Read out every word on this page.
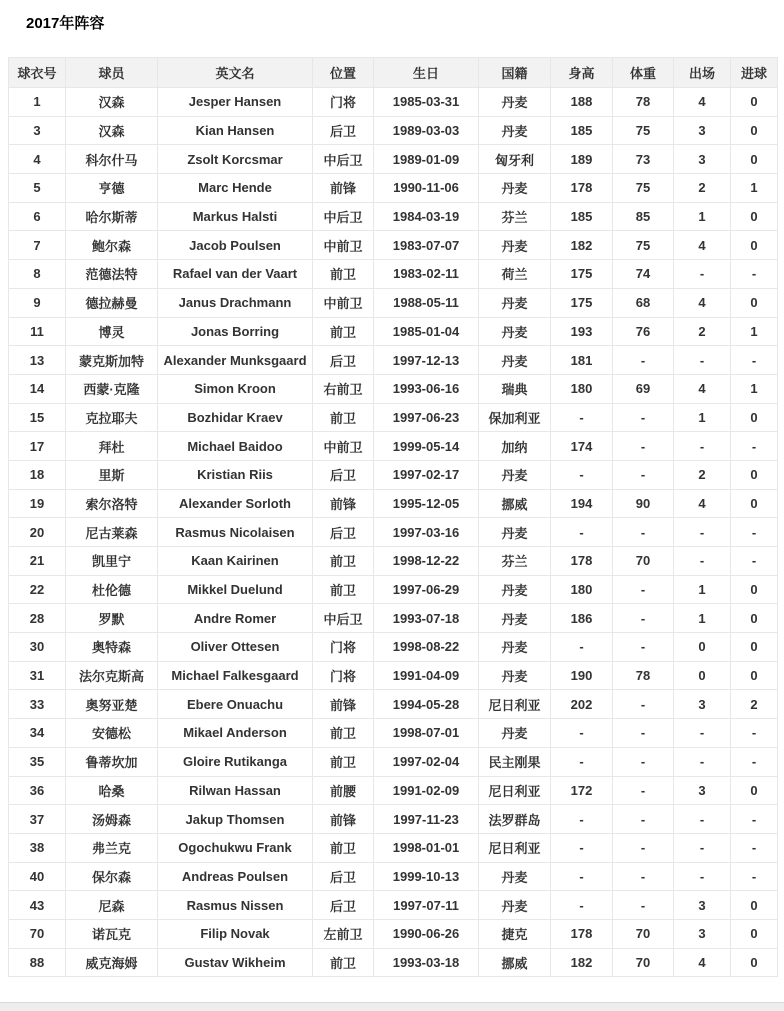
2017年阵容
球衣号	球员	英文名	位置	生日	国籍	身高	体重	出场	进球
1	汉森	Jesper Hansen	门将	1985-03-31	丹麦	188	78	4	0
3	汉森	Kian Hansen	后卫	1989-03-03	丹麦	185	75	3	0
4	科尔什马	Zsolt Korcsmar	中后卫	1989-01-09	匈牙利	189	73	3	0
5	亨德	Marc Hende	前锋	1990-11-06	丹麦	178	75	2	1
6	哈尔斯蒂	Markus Halsti	中后卫	1984-03-19	芬兰	185	85	1	0
7	鲍尔森	Jacob Poulsen	中前卫	1983-07-07	丹麦	182	75	4	0
8	范德法特	Rafael van der Vaart	前卫	1983-02-11	荷兰	175	74	-	-
9	德拉赫曼	Janus Drachmann	中前卫	1988-05-11	丹麦	175	68	4	0
11	博灵	Jonas Borring	前卫	1985-01-04	丹麦	193	76	2	1
13	蒙克斯加特	Alexander Munksgaard	后卫	1997-12-13	丹麦	181	-	-	-
14	西蒙·克隆	Simon Kroon	右前卫	1993-06-16	瑞典	180	69	4	1
15	克拉耶夫	Bozhidar Kraev	前卫	1997-06-23	保加利亚	-	-	1	0
17	拜杜	Michael Baidoo	中前卫	1999-05-14	加纳	174	-	-	-
18	里斯	Kristian Riis	后卫	1997-02-17	丹麦	-	-	2	0
19	索尔洛特	Alexander Sorloth	前锋	1995-12-05	挪威	194	90	4	0
20	尼古莱森	Rasmus Nicolaisen	后卫	1997-03-16	丹麦	-	-	-	-
21	凯里宁	Kaan Kairinen	前卫	1998-12-22	芬兰	178	70	-	-
22	杜伦德	Mikkel Duelund	前卫	1997-06-29	丹麦	180	-	1	0
28	罗默	Andre Romer	中后卫	1993-07-18	丹麦	186	-	1	0
30	奥特森	Oliver Ottesen	门将	1998-08-22	丹麦	-	-	0	0
31	法尔克斯高	Michael Falkesgaard	门将	1991-04-09	丹麦	190	78	0	0
33	奥努亚楚	Ebere Onuachu	前锋	1994-05-28	尼日利亚	202	-	3	2
34	安德松	Mikael Anderson	前卫	1998-07-01	丹麦	-	-	-	-
35	鲁蒂坎加	Gloire Rutikanga	前卫	1997-02-04	民主刚果	-	-	-	-
36	哈桑	Rilwan Hassan	前腰	1991-02-09	尼日利亚	172	-	3	0
37	汤姆森	Jakup Thomsen	前锋	1997-11-23	法罗群岛	-	-	-	-
38	弗兰克	Ogochukwu Frank	前卫	1998-01-01	尼日利亚	-	-	-	-
40	保尔森	Andreas Poulsen	后卫	1999-10-13	丹麦	-	-	-	-
43	尼森	Rasmus Nissen	后卫	1997-07-11	丹麦	-	-	3	0
70	诺瓦克	Filip Novak	左前卫	1990-06-26	捷克	178	70	3	0
88	威克海姆	Gustav Wikheim	前卫	1993-03-18	挪威	182	70	4	0
